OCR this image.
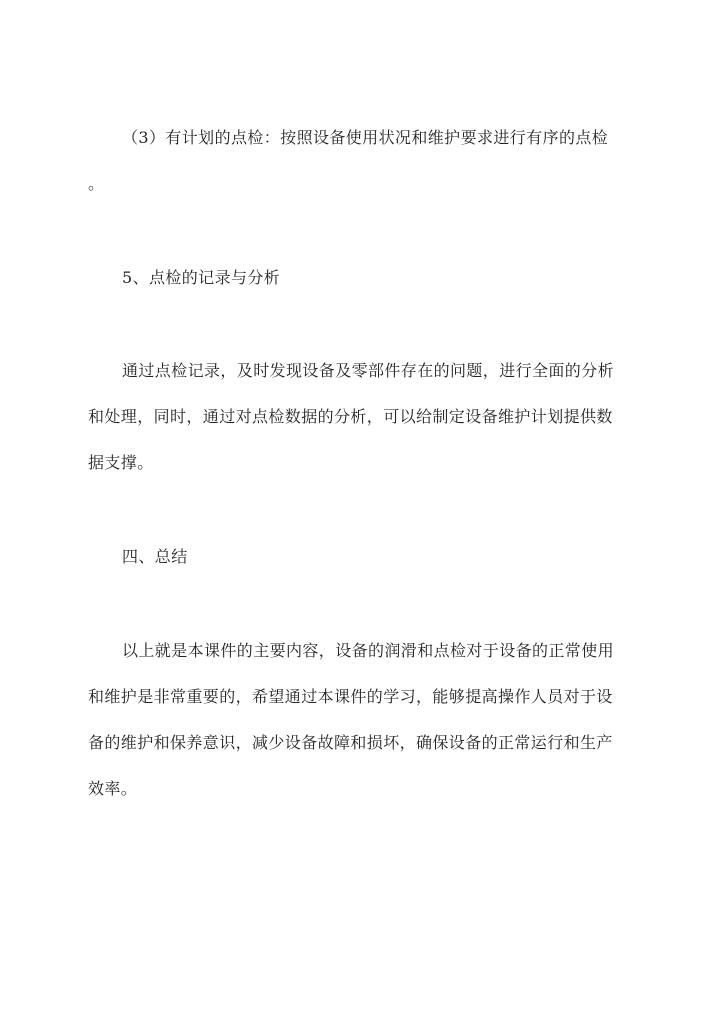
（3）有计划的点检：按照设备使用状况和维护要求进行有序的点检
。
5、点检的记录与分析
通过点检记录，及时发现设备及零部件存在的问题，进行全面的分析
和处理，同时，通过对点检数据的分析，可以给制定设备维护计划提供数
据支撑。
四、总结
以上就是本课件的主要内容，设备的润滑和点检对于设备的正常使用
和维护是非常重要的，希望通过本课件的学习，能够提高操作人员对于设
备的维护和保养意识，减少设备故障和损坏，确保设备的正常运行和生产
效率。
